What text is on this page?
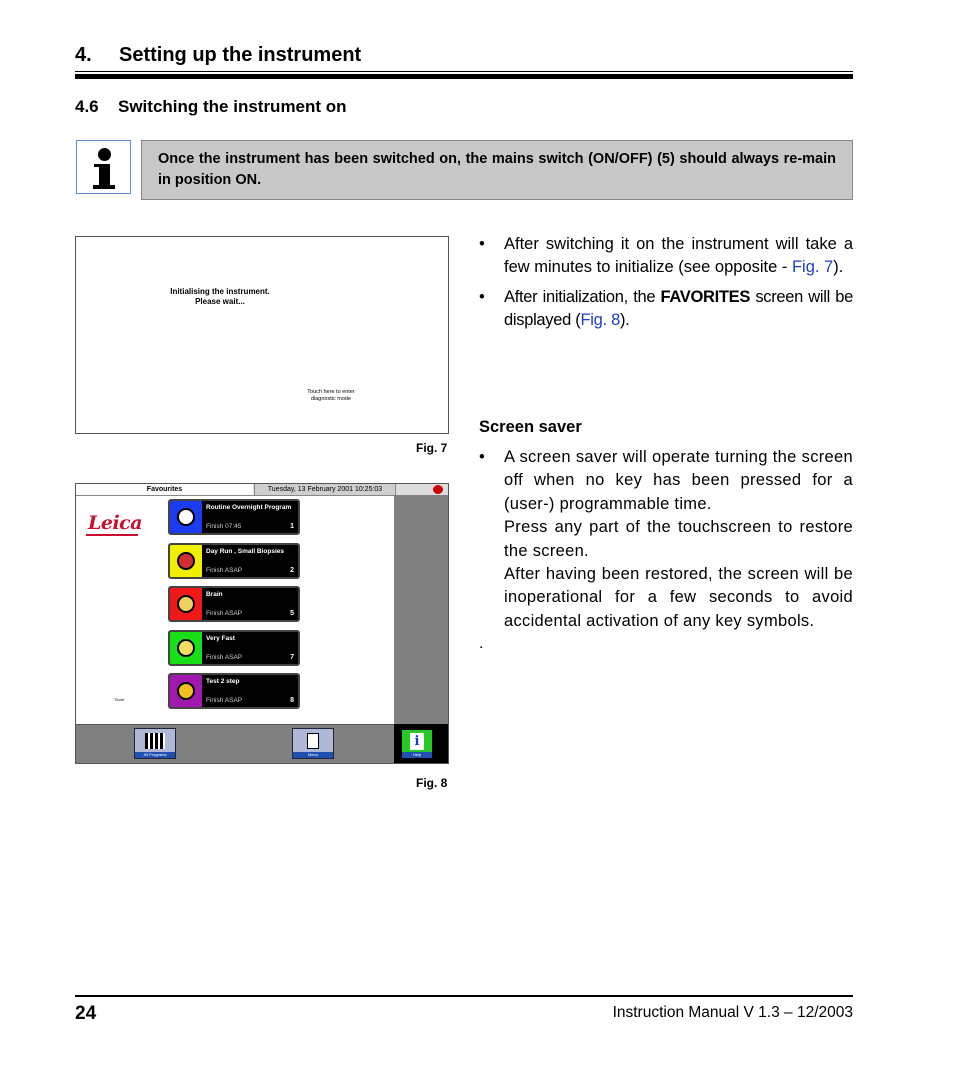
4. Setting up the instrument
4.6 Switching the instrument on
Once the instrument has been switched on, the mains switch (ON/OFF) (5) should always re-main in position ON.
Initialising the instrument.
Please wait...
Touch here to enter
diagnostic mode
Fig. 7
Favourites	Tuesday, 13 February 2001 10:25:03
Leica
"Dots"
Routine Overnight Program
Finish 07:45	1
Day Run , Small Biopsies
Finish ASAP	2
Brain
Finish ASAP	5
Very Fast
Finish ASAP	7
Test 2 step
Finish ASAP	8
All Programs	Menu
i
Help
Fig. 8
• After switching it on the instrument will take a few minutes to initialize (see opposite - Fig. 7).
• After initialization, the FAVORITES screen will be displayed (Fig. 8).
Screen saver
• A screen saver will operate turning the screen off when no key has been pressed for a (user-) programmable time.
Press any part of the touchscreen to restore the screen.
After having been restored, the screen will be inoperational for a few seconds to avoid accidental activation of any key symbols.
.
24	Instruction Manual V 1.3 – 12/2003
